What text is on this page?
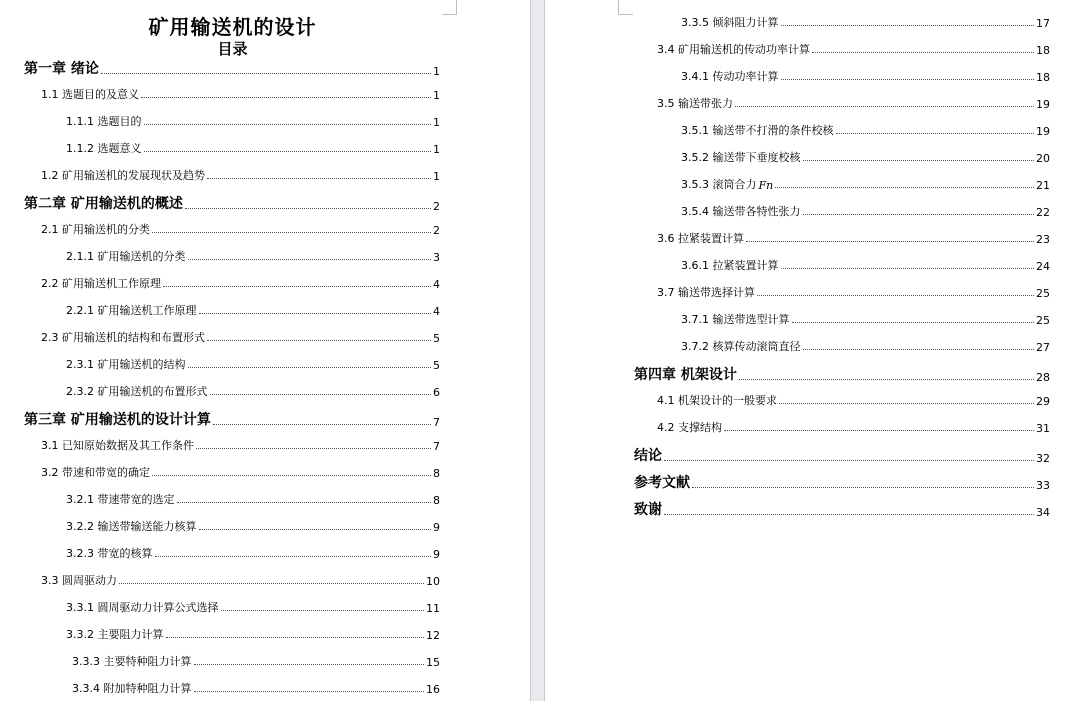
矿用输送机的设计
目录
第一章 绪论	1
1.1 选题目的及意义	1
1.1.1 选题目的	1
1.1.2 选题意义	1
1.2 矿用输送机的发展现状及趋势	1
第二章 矿用输送机的概述	2
2.1 矿用输送机的分类	2
2.1.1 矿用输送机的分类	3
2.2 矿用输送机工作原理	4
2.2.1 矿用输送机工作原理	4
2.3 矿用输送机的结构和布置形式	5
2.3.1 矿用输送机的结构	5
2.3.2 矿用输送机的布置形式	6
第三章 矿用输送机的设计计算	7
3.1 已知原始数据及其工作条件	7
3.2 带速和带宽的确定	8
3.2.1 带速带宽的选定	8
3.2.2 输送带输送能力核算	9
3.2.3 带宽的核算	9
3.3 圆周驱动力	10
3.3.1 圆周驱动力计算公式选择	11
3.3.2 主要阻力计算	12
3.3.3 主要特种阻力计算	15
3.3.4 附加特种阻力计算	16
3.3.5 倾斜阻力计算	17
3.4 矿用输送机的传动功率计算	18
3.4.1 传动功率计算	18
3.5 输送带张力	19
3.5.1 输送带不打滑的条件校核	19
3.5.2 输送带下垂度校核	20
3.5.3 滚筒合力 Fn	21
3.5.4 输送带各特性张力	22
3.6 拉紧装置计算	23
3.6.1 拉紧装置计算	24
3.7 输送带选择计算	25
3.7.1 输送带选型计算	25
3.7.2 核算传动滚筒直径	27
第四章 机架设计	28
4.1 机架设计的一般要求	29
4.2 支撑结构	31
结论	32
参考文献	33
致谢	34
